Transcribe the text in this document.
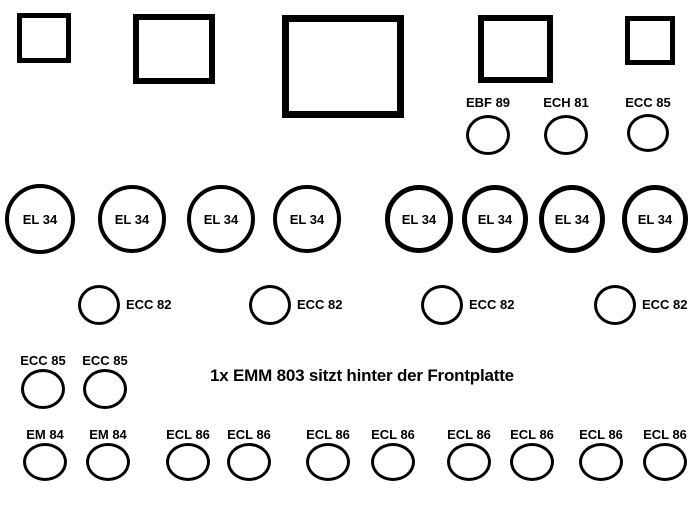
1x EMM 803 sitzt hinter der Frontplatte
EBF 89	ECH 81	ECC 85
EL 34	EL 34	EL 34	EL 34	EL 34	EL 34	EL 34	EL 34
ECC 82	ECC 82	ECC 82	ECC 82
ECC 85	ECC 85
EM 84	EM 84	ECL 86	ECL 86	ECL 86	ECL 86	ECL 86	ECL 86	ECL 86	ECL 86
